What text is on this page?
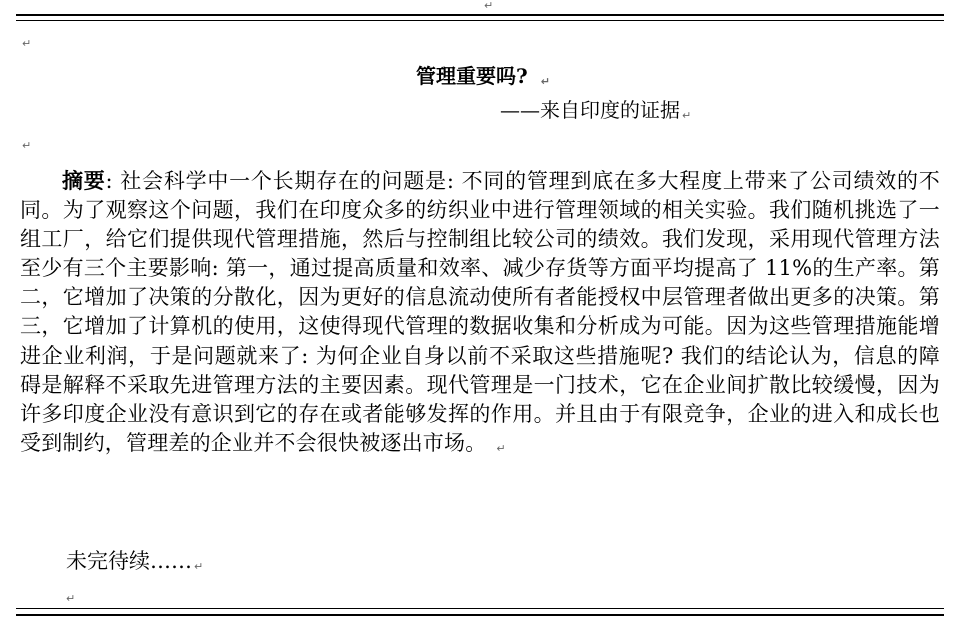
↵
↵
管理重要吗? ↵
——来自印度的证据 ↵
↵
摘要: 社会科学中一个长期存在的问题是: 不同的管理到底在多大程度上带来了公司绩效的不同。为了观察这个问题，我们在印度众多的纺织业中进行管理领域的相关实验。我们随机挑选了一组工厂，给它们提供现代管理措施，然后与控制组比较公司的绩效。我们发现，采用现代管理方法至少有三个主要影响: 第一，通过提高质量和效率、减少存货等方面平均提高了 11%的生产率。第二，它增加了决策的分散化，因为更好的信息流动使所有者能授权中层管理者做出更多的决策。第三，它增加了计算机的使用，这使得现代管理的数据收集和分析成为可能。因为这些管理措施能增进企业利润，于是问题就来了: 为何企业自身以前不采取这些措施呢? 我们的结论认为，信息的障碍是解释不采取先进管理方法的主要因素。现代管理是一门技术，它在企业间扩散比较缓慢，因为许多印度企业没有意识到它的存在或者能够发挥的作用。并且由于有限竞争，企业的进入和成长也受到制约，管理差的企业并不会很快被逐出市场。 ↵
未完待续…… ↵
↵
